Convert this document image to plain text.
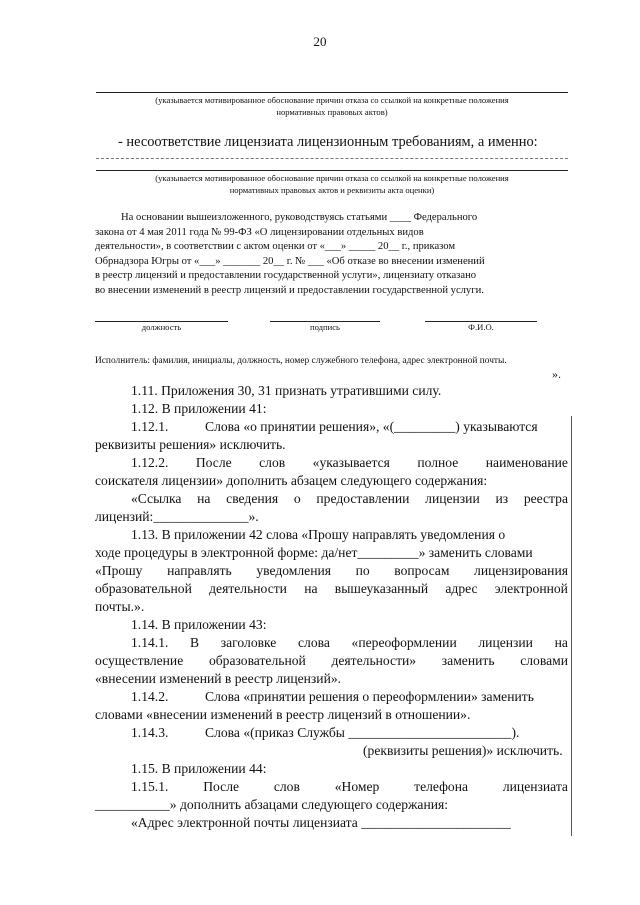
20
(указывается мотивированное обоснование причин отказа со ссылкой на конкретные положения
нормативных правовых актов)
- несоответствие лицензиата лицензионным требованиям, а именно:
(указывается мотивированное обоснование причин отказа со ссылкой на конкретные положения
нормативных правовых актов и реквизиты акта оценки)
На основании вышеизложенного, руководствуясь статьями ____ Федерального
закона от 4 мая 2011 года № 99-ФЗ «О лицензировании отдельных видов
деятельности», в соответствии с актом оценки от «___» _____ 20__ г., приказом
Обрнадзора Югры от «___» _______ 20__ г. № ___ «Об отказе во внесении изменений
в реестр лицензий и предоставлении государственной услуги», лицензиату отказано
во внесении изменений в реестр лицензий и предоставлении государственной услуги.
должность	подпись	Ф.И.О.
Исполнитель: фамилия, инициалы, должность, номер служебного телефона, адрес электронной почты.
».
1.11. Приложения 30, 31 признать утратившими силу.
1.12. В приложении 41:
1.12.1.	Слова «о принятии решения», «(_________) указываются
реквизиты решения» исключить.
1.12.2. После слов «указывается полное наименование
соискателя лицензии» дополнить абзацем следующего содержания:
«Ссылка на сведения о предоставлении лицензии из реестра
лицензий:______________».
1.13. В приложении 42 слова «Прошу направлять уведомления о
ходе процедуры в электронной форме: да/нет_________» заменить словами
«Прошу направлять уведомления по вопросам лицензирования
образовательной деятельности на вышеуказанный адрес электронной
почты.».
1.14. В приложении 43:
1.14.1. В заголовке слова «переоформлении лицензии на
осуществление образовательной деятельности» заменить словами
«внесении изменений в реестр лицензий».
1.14.2.	Слова «принятии решения о переоформлении» заменить
словами «внесении изменений в реестр лицензий в отношении».
1.14.3.	Слова «(приказ Службы ________________________).
(реквизиты решения)» исключить.
1.15. В приложении 44:
1.15.1.	После	слов	«Номер	телефона	лицензиата
___________» дополнить абзацами следующего содержания:
«Адрес электронной почты лицензиата ______________________
